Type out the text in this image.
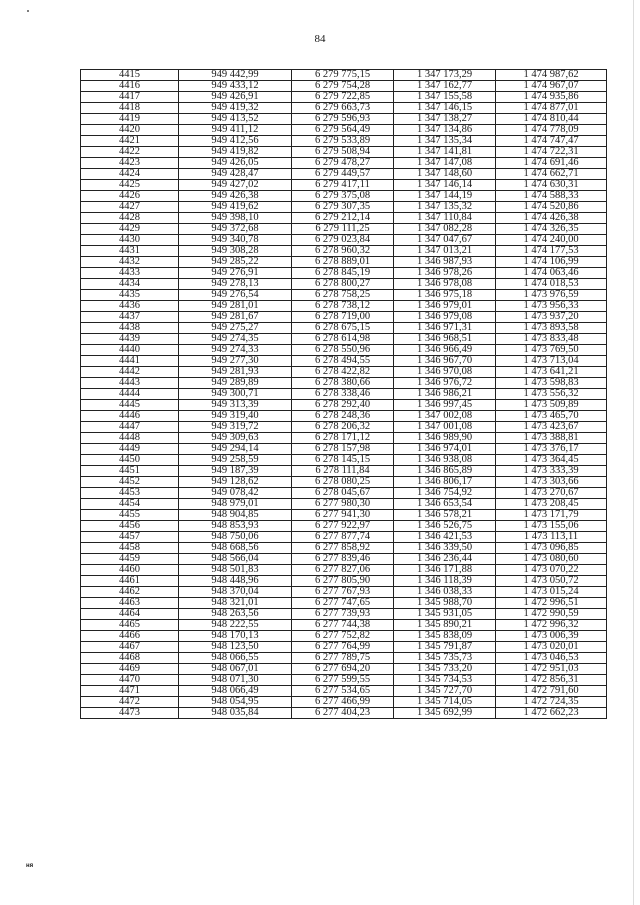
84
4415	949 442,99	6 279 775,15	1 347 173,29	1 474 987,62
4416	949 433,12	6 279 754,28	1 347 162,77	1 474 967,07
4417	949 426,91	6 279 722,85	1 347 155,58	1 474 935,86
4418	949 419,32	6 279 663,73	1 347 146,15	1 474 877,01
4419	949 413,52	6 279 596,93	1 347 138,27	1 474 810,44
4420	949 411,12	6 279 564,49	1 347 134,86	1 474 778,09
4421	949 412,56	6 279 533,89	1 347 135,34	1 474 747,47
4422	949 419,82	6 279 508,94	1 347 141,81	1 474 722,31
4423	949 426,05	6 279 478,27	1 347 147,08	1 474 691,46
4424	949 428,47	6 279 449,57	1 347 148,60	1 474 662,71
4425	949 427,02	6 279 417,11	1 347 146,14	1 474 630,31
4426	949 426,38	6 279 375,08	1 347 144,19	1 474 588,33
4427	949 419,62	6 279 307,35	1 347 135,32	1 474 520,86
4428	949 398,10	6 279 212,14	1 347 110,84	1 474 426,38
4429	949 372,68	6 279 111,25	1 347 082,28	1 474 326,35
4430	949 340,78	6 279 023,84	1 347 047,67	1 474 240,00
4431	949 308,28	6 278 960,32	1 347 013,21	1 474 177,53
4432	949 285,22	6 278 889,01	1 346 987,93	1 474 106,99
4433	949 276,91	6 278 845,19	1 346 978,26	1 474 063,46
4434	949 278,13	6 278 800,27	1 346 978,08	1 474 018,53
4435	949 276,54	6 278 758,25	1 346 975,18	1 473 976,59
4436	949 281,01	6 278 738,12	1 346 979,01	1 473 956,33
4437	949 281,67	6 278 719,00	1 346 979,08	1 473 937,20
4438	949 275,27	6 278 675,15	1 346 971,31	1 473 893,58
4439	949 274,35	6 278 614,98	1 346 968,51	1 473 833,48
4440	949 274,33	6 278 550,96	1 346 966,49	1 473 769,50
4441	949 277,30	6 278 494,55	1 346 967,70	1 473 713,04
4442	949 281,93	6 278 422,82	1 346 970,08	1 473 641,21
4443	949 289,89	6 278 380,66	1 346 976,72	1 473 598,83
4444	949 300,71	6 278 338,46	1 346 986,21	1 473 556,32
4445	949 313,39	6 278 292,40	1 346 997,45	1 473 509,89
4446	949 319,40	6 278 248,36	1 347 002,08	1 473 465,70
4447	949 319,72	6 278 206,32	1 347 001,08	1 473 423,67
4448	949 309,63	6 278 171,12	1 346 989,90	1 473 388,81
4449	949 294,14	6 278 157,98	1 346 974,01	1 473 376,17
4450	949 258,59	6 278 145,15	1 346 938,08	1 473 364,45
4451	949 187,39	6 278 111,84	1 346 865,89	1 473 333,39
4452	949 128,62	6 278 080,25	1 346 806,17	1 473 303,66
4453	949 078,42	6 278 045,67	1 346 754,92	1 473 270,67
4454	948 979,01	6 277 980,30	1 346 653,54	1 473 208,45
4455	948 904,85	6 277 941,30	1 346 578,21	1 473 171,79
4456	948 853,93	6 277 922,97	1 346 526,75	1 473 155,06
4457	948 750,06	6 277 877,74	1 346 421,53	1 473 113,11
4458	948 668,56	6 277 858,92	1 346 339,50	1 473 096,85
4459	948 566,04	6 277 839,46	1 346 236,44	1 473 080,60
4460	948 501,83	6 277 827,06	1 346 171,88	1 473 070,22
4461	948 448,96	6 277 805,90	1 346 118,39	1 473 050,72
4462	948 370,04	6 277 767,93	1 346 038,33	1 473 015,24
4463	948 321,01	6 277 747,65	1 345 988,70	1 472 996,51
4464	948 263,56	6 277 739,93	1 345 931,05	1 472 990,59
4465	948 222,55	6 277 744,38	1 345 890,21	1 472 996,32
4466	948 170,13	6 277 752,82	1 345 838,09	1 473 006,39
4467	948 123,50	6 277 764,99	1 345 791,87	1 473 020,01
4468	948 066,55	6 277 789,75	1 345 735,73	1 473 046,53
4469	948 067,01	6 277 694,20	1 345 733,20	1 472 951,03
4470	948 071,30	6 277 599,55	1 345 734,53	1 472 856,31
4471	948 066,49	6 277 534,65	1 345 727,70	1 472 791,60
4472	948 054,95	6 277 466,99	1 345 714,05	1 472 724,35
4473	948 035,84	6 277 404,23	1 345 692,99	1 472 662,23
ня
